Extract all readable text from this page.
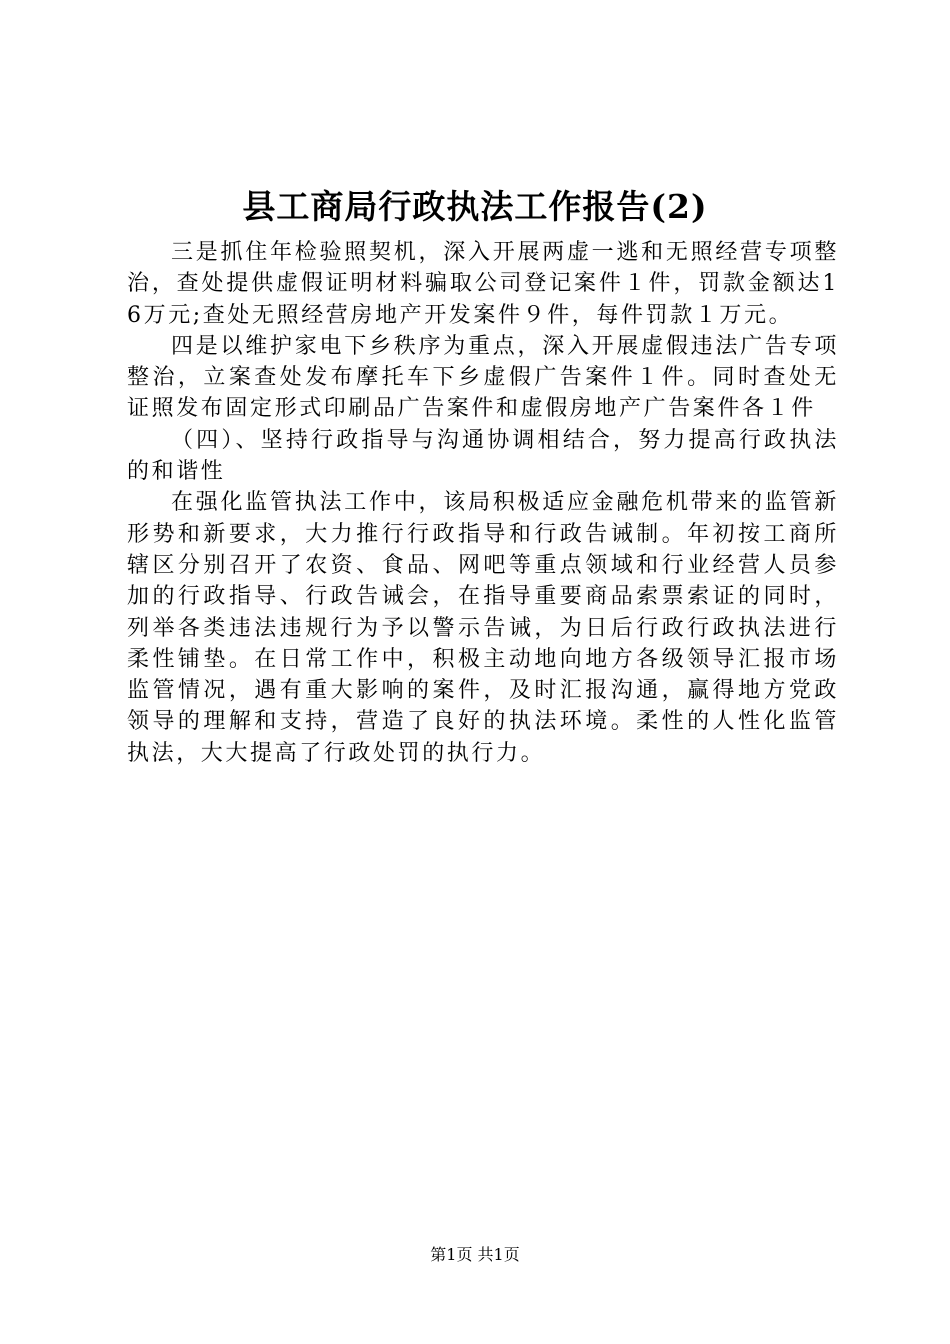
县工商局行政执法工作报告(2)

三是抓住年检验照契机，深入开展两虚一逃和无照经营专项整治，查处提供虚假证明材料骗取公司登记案件１件，罚款金额达16万元;查处无照经营房地产开发案件９件，每件罚款１万元。

四是以维护家电下乡秩序为重点，深入开展虚假违法广告专项整治，立案查处发布摩托车下乡虚假广告案件１件。同时查处无证照发布固定形式印刷品广告案件和虚假房地产广告案件各１件

（四）、坚持行政指导与沟通协调相结合，努力提高行政执法的和谐性

在强化监管执法工作中，该局积极适应金融危机带来的监管新形势和新要求，大力推行行政指导和行政告诫制。年初按工商所辖区分别召开了农资、食品、网吧等重点领域和行业经营人员参加的行政指导、行政告诫会，在指导重要商品索票索证的同时，列举各类违法违规行为予以警示告诫，为日后行政行政执法进行柔性铺垫。在日常工作中，积极主动地向地方各级领导汇报市场监管情况，遇有重大影响的案件，及时汇报沟通，赢得地方党政领导的理解和支持，营造了良好的执法环境。柔性的人性化监管执法，大大提高了行政处罚的执行力。

第1页 共1页
